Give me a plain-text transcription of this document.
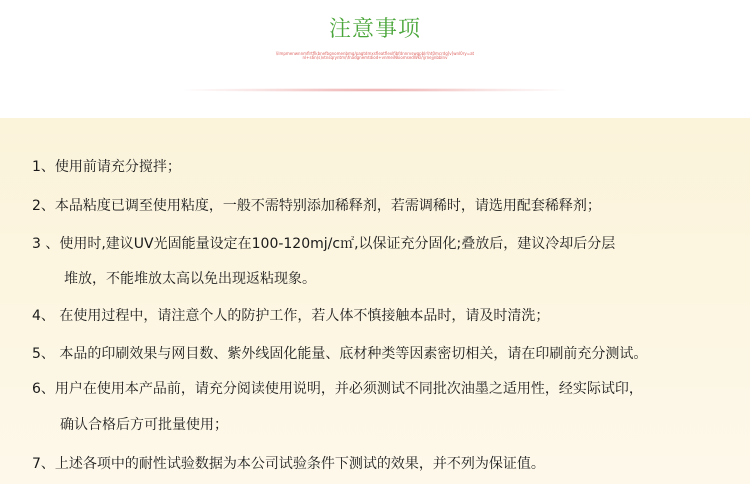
注意事项
\ilmpmenwnnmflrtflkbnefbgnomenbmg/pagtdmxsfleatflexlfibfdnnrvswqpblr\ht0mcrdg[v]wnl0ry=atnl+s6n(s)vtnsqryntm/\fnadgnemtdiod+vnmeiNkiomsedWkl/\jrnejjnbblnv
1、使用前请充分搅拌；
2、本品粘度已调至使用粘度，一般不需特别添加稀释剂，若需调稀时，请选用配套稀释剂；
3 、使用时,建议UV光固能量设定在100-120mj/c㎡,以保证充分固化;叠放后，建议冷却后分层
堆放，不能堆放太高以免出现返粘现象。
4、 在使用过程中，请注意个人的防护工作，若人体不慎接触本品时，请及时清洗；
5、 本品的印刷效果与网目数、紫外线固化能量、底材种类等因素密切相关，请在印刷前充分测试。
6、用户在使用本产品前，请充分阅读使用说明，并必须测试不同批次油墨之适用性，经实际试印，
确认合格后方可批量使用；
7、上述各项中的耐性试验数据为本公司试验条件下测试的效果，并不列为保证值。
